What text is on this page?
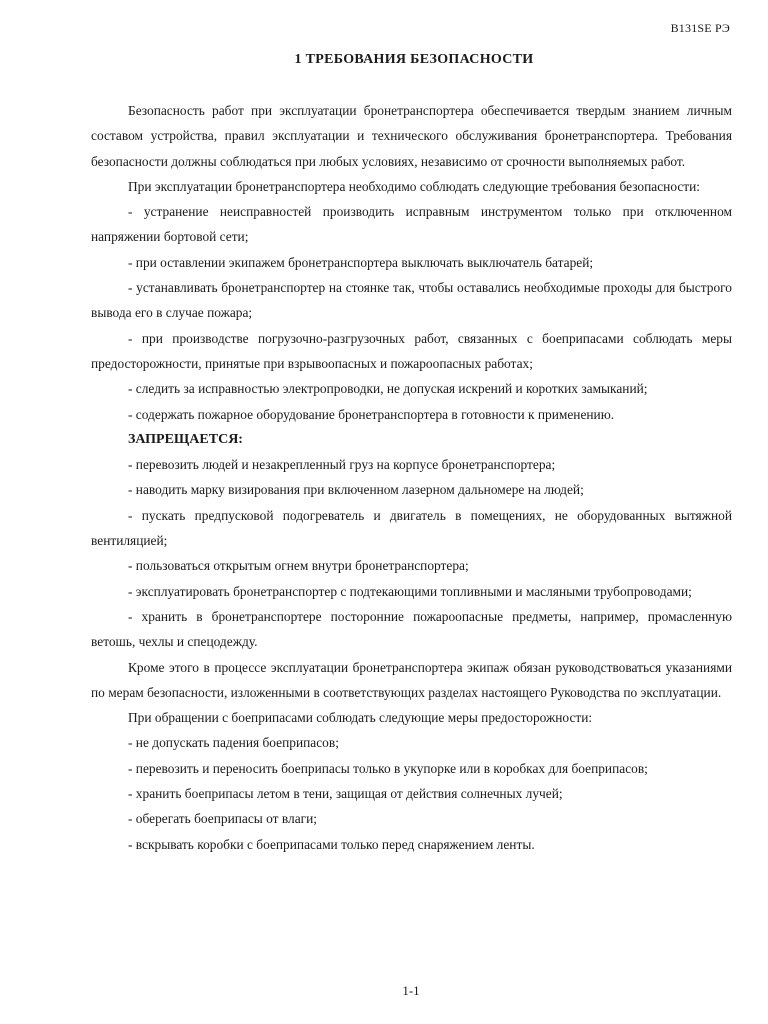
В131SЕ РЭ
1 ТРЕБОВАНИЯ БЕЗОПАСНОСТИ

Безопасность работ при эксплуатации бронетранспортера обеспечивается твердым знанием личным составом устройства, правил эксплуатации и технического обслуживания бронетранспортера. Требования безопасности должны соблюдаться при любых условиях, независимо от срочности выполняемых работ.

При эксплуатации бронетранспортера необходимо соблюдать следующие требования безопасности:

- устранение неисправностей производить исправным инструментом только при отключенном напряжении бортовой сети;

- при оставлении экипажем бронетранспортера выключать выключатель батарей;

- устанавливать бронетранспортер на стоянке так, чтобы оставались необходимые проходы для быстрого вывода его в случае пожара;

- при производстве погрузочно-разгрузочных работ, связанных с боеприпасами соблюдать меры предосторожности, принятые при взрывоопасных и пожароопасных работах;

- следить за исправностью электропроводки, не допуская искрений и коротких замыканий;

- содержать пожарное оборудование бронетранспортера в готовности к применению.

ЗАПРЕЩАЕТСЯ:

- перевозить людей и незакрепленный груз на корпусе бронетранспортера;

- наводить марку визирования при включенном лазерном дальномере на людей;

- пускать предпусковой подогреватель и двигатель в помещениях, не оборудованных вытяжной вентиляцией;

- пользоваться открытым огнем внутри бронетранспортера;

- эксплуатировать бронетранспортер с подтекающими топливными и масляными трубопроводами;

- хранить в бронетранспортере посторонние пожароопасные предметы, например, промасленную ветошь, чехлы и спецодежду.

Кроме этого в процессе эксплуатации бронетранспортера экипаж обязан руководствоваться указаниями по мерам безопасности, изложенными в соответствующих разделах настоящего Руководства по эксплуатации.

При обращении с боеприпасами соблюдать следующие меры предосторожности:

- не допускать падения боеприпасов;

- перевозить и переносить боеприпасы только в укупорке или в коробках для боеприпасов;

- хранить боеприпасы летом в тени, защищая от действия солнечных лучей;

- оберегать боеприпасы от влаги;

- вскрывать коробки с боеприпасами только перед снаряжением ленты.

1-1
